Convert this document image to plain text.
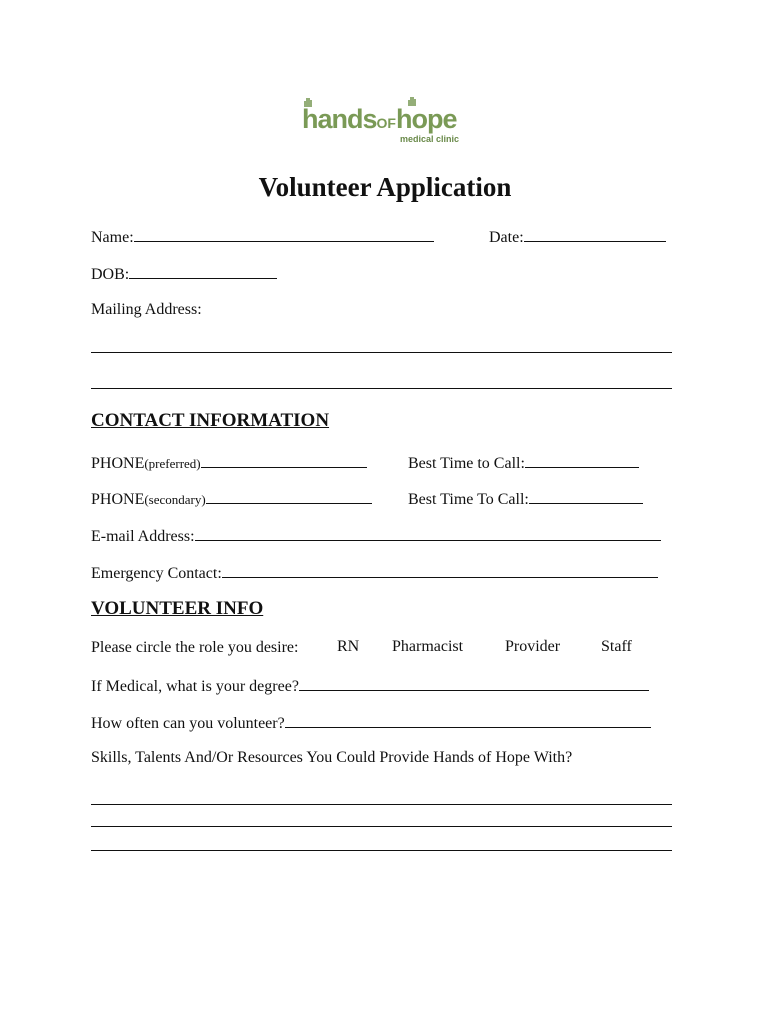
handsOFhope
medical clinic
Volunteer Application
Name:	Date:
DOB:
Mailing Address:
CONTACT INFORMATION
PHONE(preferred)	Best Time to Call:
PHONE(secondary)	Best Time To Call:
E-mail Address:
Emergency Contact:
VOLUNTEER INFO
Please circle the role you desire: RN Pharmacist	Provider	Staff
If Medical, what is your degree?
How often can you volunteer?
Skills, Talents And/Or Resources You Could Provide Hands of Hope With?
